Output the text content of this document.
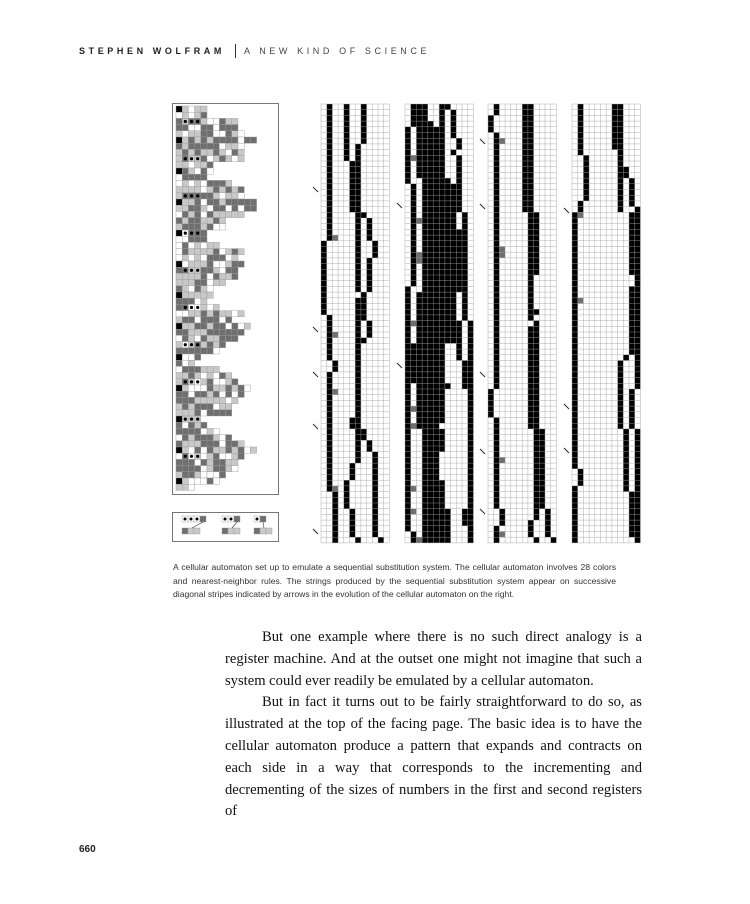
STEPHEN WOLFRAM A NEW KIND OF SCIENCE

A cellular automaton set up to emulate a sequential substitution system. The cellular automaton involves 28 colors and nearest-neighbor rules. The strings produced by the sequential substitution system appear on successive diagonal stripes indicated by arrows in the evolution of the cellular automaton on the right.

But one example where there is no such direct analogy is a register machine. And at the outset one might not imagine that such a system could ever readily be emulated by a cellular automaton.

But in fact it turns out to be fairly straightforward to do so, as illustrated at the top of the facing page. The basic idea is to have the cellular automaton produce a pattern that expands and contracts on each side in a way that corresponds to the incrementing and decrementing of the sizes of numbers in the first and second registers of

660
